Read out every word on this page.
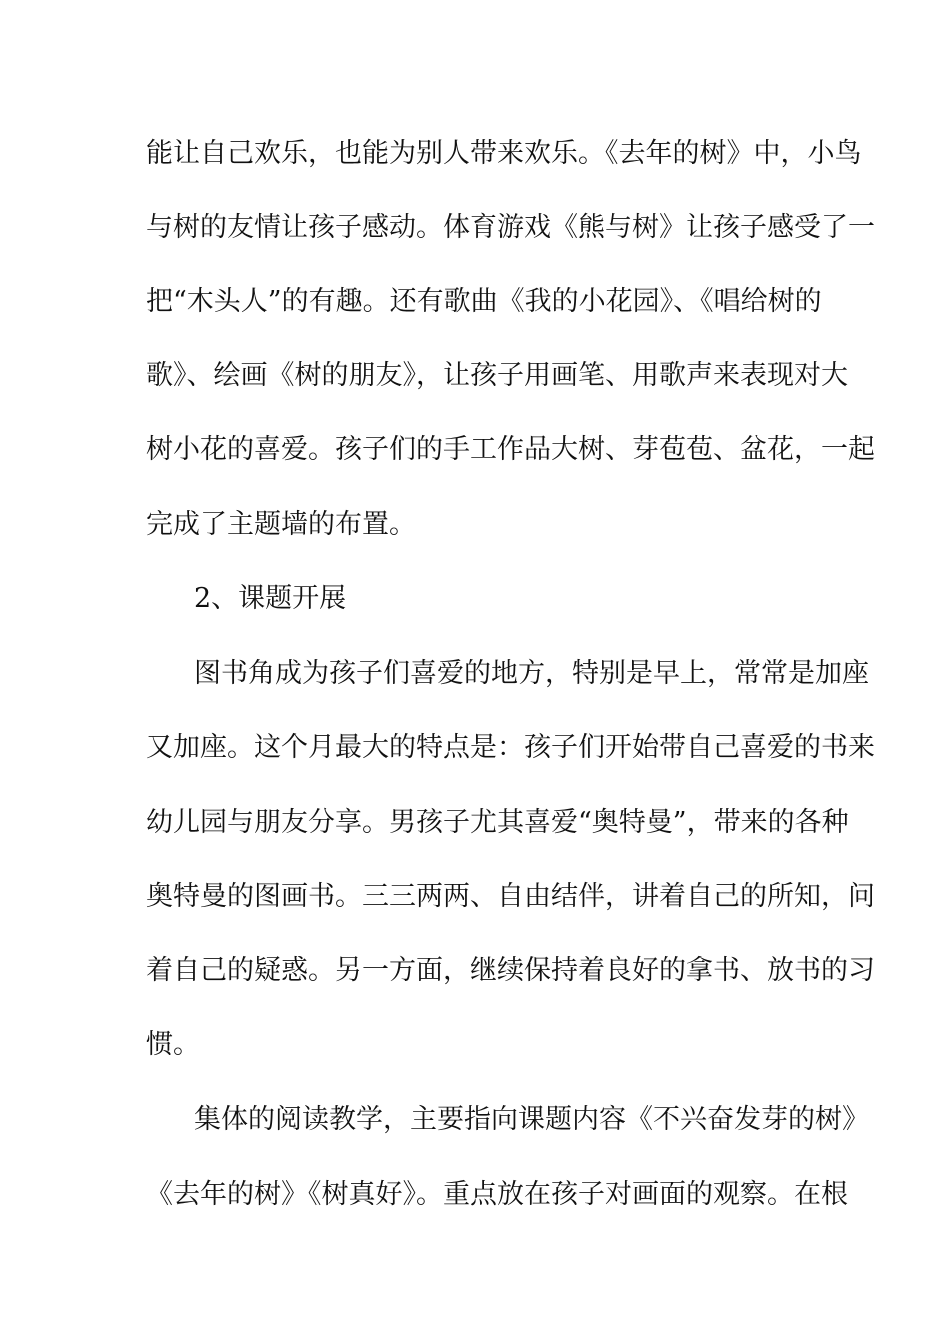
能让自己欢乐，也能为别人带来欢乐。《去年的树》中，小鸟
与树的友情让孩子感动。体育游戏《熊与树》让孩子感受了一
把“木头人”的有趣。还有歌曲《我的小花园》、《唱给树的
歌》、绘画《树的朋友》，让孩子用画笔、用歌声来表现对大
树小花的喜爱。孩子们的手工作品大树、芽苞苞、盆花，一起
完成了主题墙的布置。
2、课题开展
图书角成为孩子们喜爱的地方，特别是早上，常常是加座
又加座。这个月最大的特点是：孩子们开始带自己喜爱的书来
幼儿园与朋友分享。男孩子尤其喜爱“奥特曼”，带来的各种
奥特曼的图画书。三三两两、自由结伴，讲着自己的所知，问
着自己的疑惑。另一方面，继续保持着良好的拿书、放书的习
惯。
集体的阅读教学，主要指向课题内容《不兴奋发芽的树》
《去年的树》《树真好》。重点放在孩子对画面的观察。在根
